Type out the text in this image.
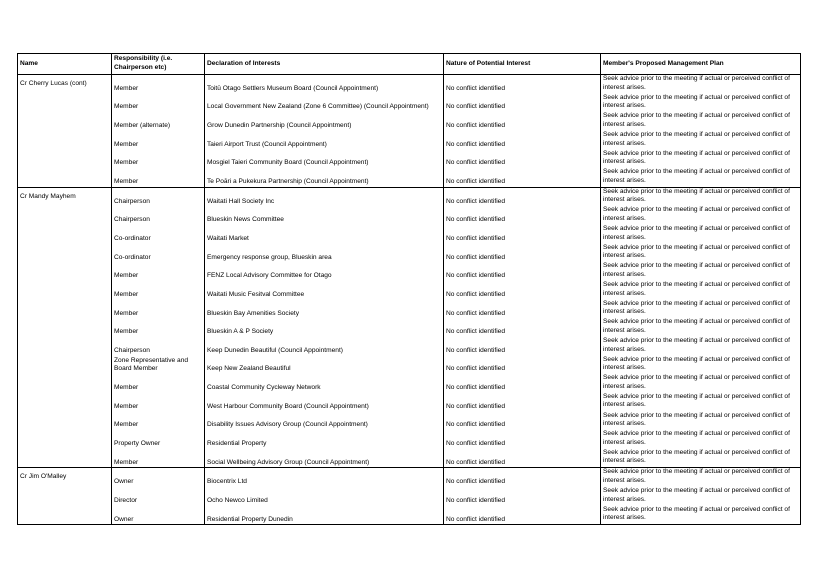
Name	Responsibility (i.e. Chairperson etc)	Declaration of Interests	Nature of Potential Interest	Member's Proposed Management Plan

Cr Cherry Lucas (cont)	Member	Toitū Otago Settlers Museum Board (Council Appointment)	No conflict identified	Seek advice prior to the meeting if actual or perceived conflict of interest arises.
	Member	Local Government New Zealand (Zone 6 Committee) (Council Appointment)	No conflict identified	Seek advice prior to the meeting if actual or perceived conflict of interest arises.
	Member (alternate)	Grow Dunedin Partnership (Council Appointment)	No conflict identified	Seek advice prior to the meeting if actual or perceived conflict of interest arises.
	Member	Taieri Airport Trust (Council Appointment)	No conflict identified	Seek advice prior to the meeting if actual or perceived conflict of interest arises.
	Member	Mosgiel Taieri Community Board (Council Appointment)	No conflict identified	Seek advice prior to the meeting if actual or perceived conflict of interest arises.
	Member	Te Poāri a Pukekura Partnership (Council Appointment)	No conflict identified	Seek advice prior to the meeting if actual or perceived conflict of interest arises.

Cr Mandy Mayhem	Chairperson	Waitati Hall Society Inc	No conflict identified	Seek advice prior to the meeting if actual or perceived conflict of interest arises.
	Chairperson	Blueskin News Committee	No conflict identified	Seek advice prior to the meeting if actual or perceived conflict of interest arises.
	Co-ordinator	Waitati Market	No conflict identified	Seek advice prior to the meeting if actual or perceived conflict of interest arises.
	Co-ordinator	Emergency response group, Blueskin area	No conflict identified	Seek advice prior to the meeting if actual or perceived conflict of interest arises.
	Member	FENZ Local Advisory Committee for Otago	No conflict identified	Seek advice prior to the meeting if actual or perceived conflict of interest arises.
	Member	Waitati Music Fesitval Committee	No conflict identified	Seek advice prior to the meeting if actual or perceived conflict of interest arises.
	Member	Blueskin Bay Amenities Society	No conflict identified	Seek advice prior to the meeting if actual or perceived conflict of interest arises.
	Member	Blueskin A & P Society	No conflict identified	Seek advice prior to the meeting if actual or perceived conflict of interest arises.
	Chairperson	Keep Dunedin Beautiful (Council Appointment)	No conflict identified	Seek advice prior to the meeting if actual or perceived conflict of interest arises.
	Zone Representative and Board Member	Keep New Zealand Beautiful	No conflict identified	Seek advice prior to the meeting if actual or perceived conflict of interest arises.
	Member	Coastal Community Cycleway Network	No conflict identified	Seek advice prior to the meeting if actual or perceived conflict of interest arises.
	Member	West Harbour Community Board (Council Appointment)	No conflict identified	Seek advice prior to the meeting if actual or perceived conflict of interest arises.
	Member	Disability Issues Advisory Group (Council Appointment)	No conflict identified	Seek advice prior to the meeting if actual or perceived conflict of interest arises.
	Property Owner	Residential Property	No conflict identified	Seek advice prior to the meeting if actual or perceived conflict of interest arises.
	Member	Social Wellbeing Advisory Group (Council Appointment)	No conflict identified	Seek advice prior to the meeting if actual or perceived conflict of interest arises.

Cr Jim O'Malley	Owner	Biocentrix Ltd	No conflict identified	Seek advice prior to the meeting if actual or perceived conflict of interest arises.
	Director	Ocho Newco Limited	No conflict identified	Seek advice prior to the meeting if actual or perceived conflict of interest arises.
	Owner	Residential Property Dunedin	No conflict identified	Seek advice prior to the meeting if actual or perceived conflict of interest arises.
